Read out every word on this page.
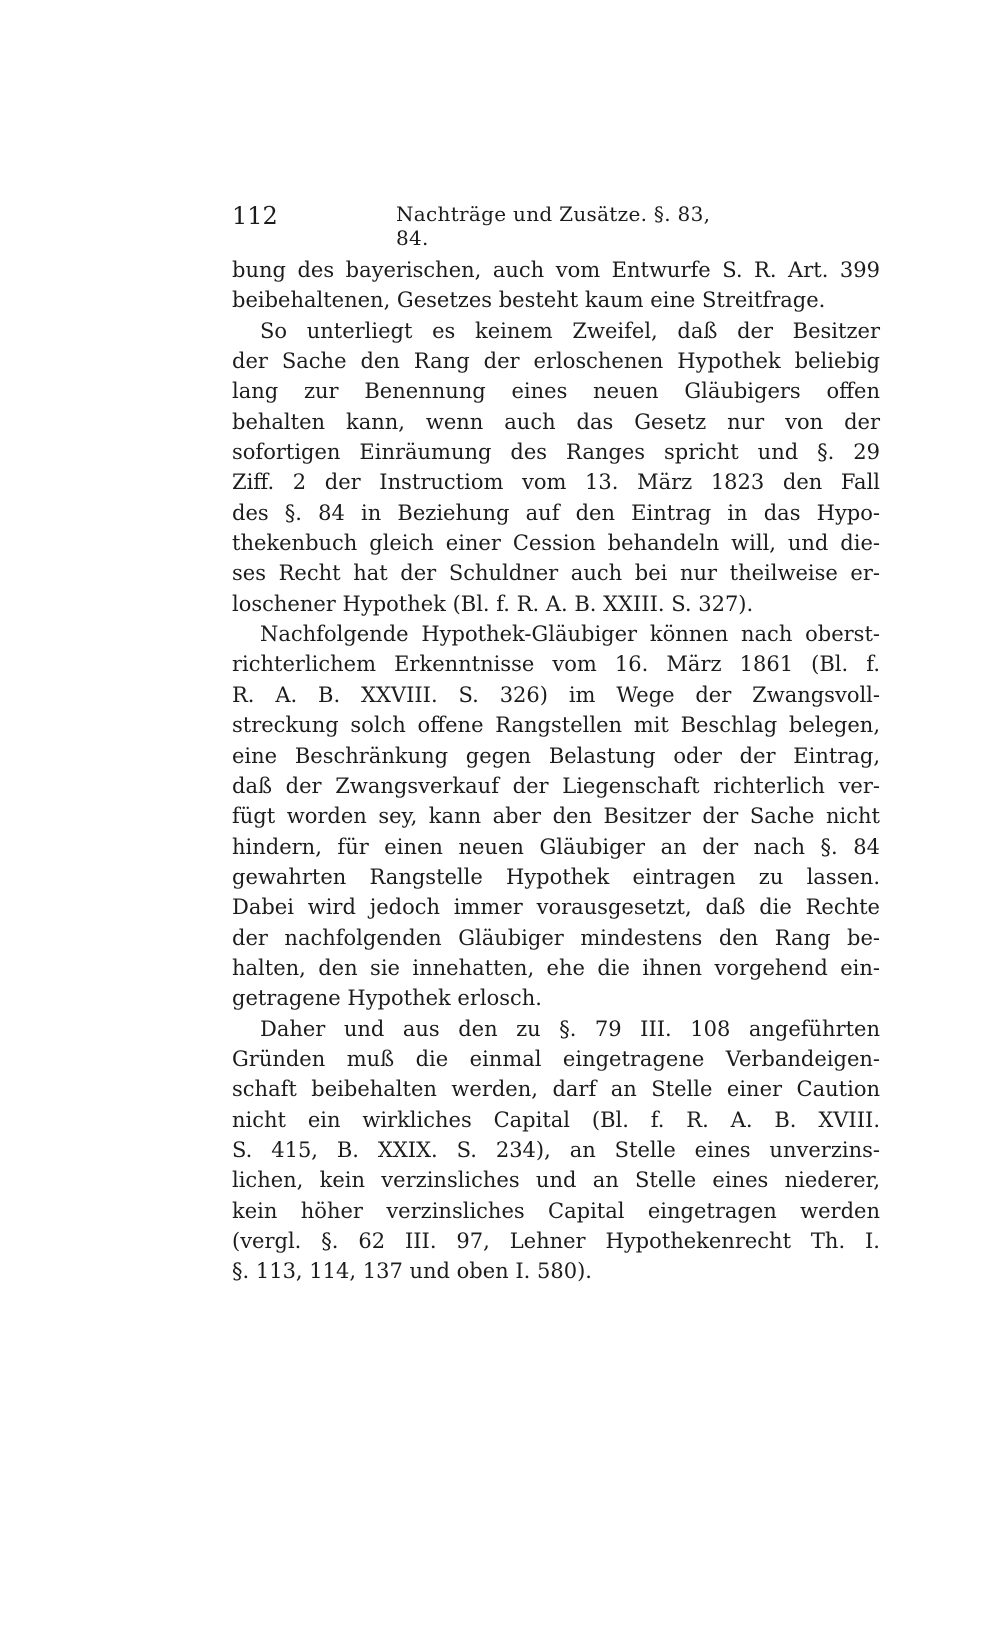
112	Nachträge und Zusätze. §. 83, 84.
bung des bayerischen, auch vom Entwurfe S. R. Art. 399
beibehaltenen, Gesetzes besteht kaum eine Streitfrage.
So unterliegt es keinem Zweifel, daß der Besitzer
der Sache den Rang der erloschenen Hypothek beliebig
lang zur Benennung eines neuen Gläubigers offen
behalten kann, wenn auch das Gesetz nur von der
sofortigen Einräumung des Ranges spricht und §. 29
Ziff. 2 der Instructiom vom 13. März 1823 den Fall
des §. 84 in Beziehung auf den Eintrag in das Hypo-
thekenbuch gleich einer Cession behandeln will, und die-
ses Recht hat der Schuldner auch bei nur theilweise er-
loschener Hypothek (Bl. f. R. A. B. XXIII. S. 327).
Nachfolgende Hypothek-Gläubiger können nach oberst-
richterlichem Erkenntnisse vom 16. März 1861 (Bl. f.
R. A. B. XXVIII. S. 326) im Wege der Zwangsvoll-
streckung solch offene Rangstellen mit Beschlag belegen,
eine Beschränkung gegen Belastung oder der Eintrag,
daß der Zwangsverkauf der Liegenschaft richterlich ver-
fügt worden sey, kann aber den Besitzer der Sache nicht
hindern, für einen neuen Gläubiger an der nach §. 84
gewahrten Rangstelle Hypothek eintragen zu lassen.
Dabei wird jedoch immer vorausgesetzt, daß die Rechte
der nachfolgenden Gläubiger mindestens den Rang be-
halten, den sie innehatten, ehe die ihnen vorgehend ein-
getragene Hypothek erlosch.
Daher und aus den zu §. 79 III. 108 angeführten
Gründen muß die einmal eingetragene Verbandeigen-
schaft beibehalten werden, darf an Stelle einer Caution
nicht ein wirkliches Capital (Bl. f. R. A. B. XVIII.
S. 415, B. XXIX. S. 234), an Stelle eines unverzins-
lichen, kein verzinsliches und an Stelle eines niederer,
kein höher verzinsliches Capital eingetragen werden
(vergl. §. 62 III. 97, Lehner Hypothekenrecht Th. I.
§. 113, 114, 137 und oben I. 580).
